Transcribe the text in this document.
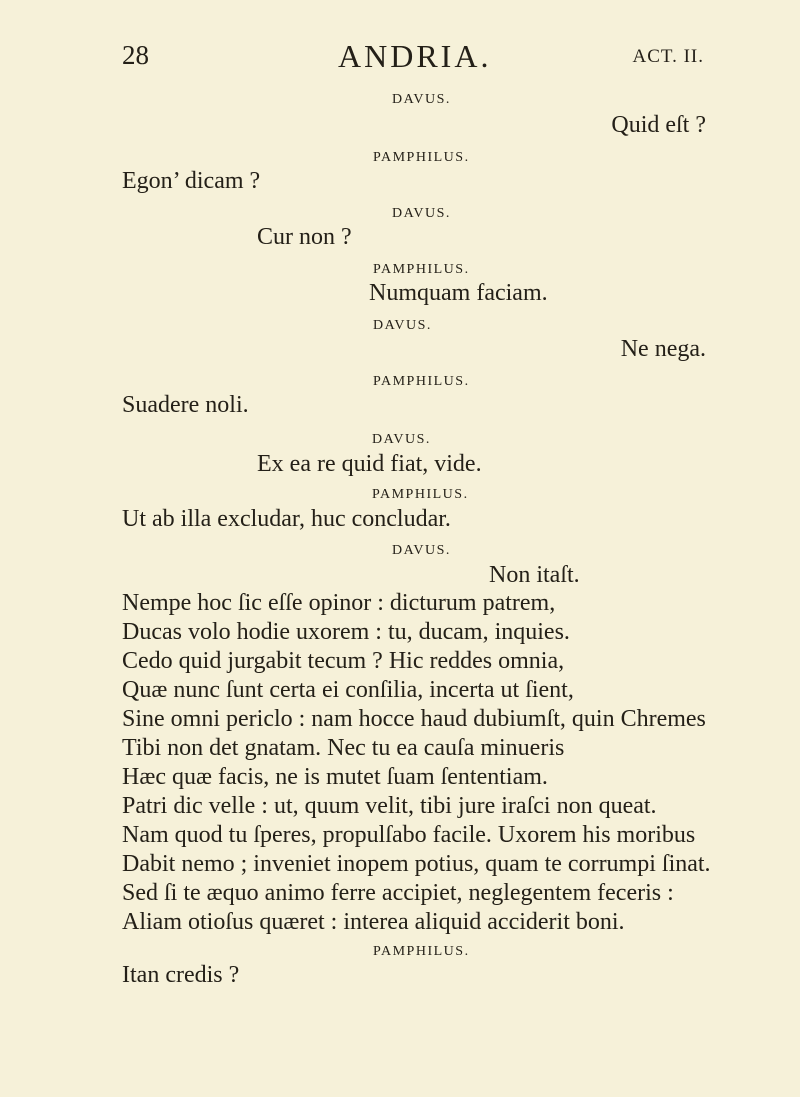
28	ANDRIA.	ACT. II.
DAVUS.
Quid eſt ?
PAMPHILUS.
Egon’ dicam ?
DAVUS.
Cur non ?
PAMPHILUS.
Numquam faciam.
DAVUS.
Ne nega.
PAMPHILUS.
Suadere noli.
DAVUS.
Ex ea re quid fiat, vide.
PAMPHILUS.
Ut ab illa excludar, huc concludar.
DAVUS.
Non itaſt.
Nempe hoc ſic eſſe opinor : dicturum patrem,
Ducas volo hodie uxorem : tu, ducam, inquies.
Cedo quid jurgabit tecum ? Hic reddes omnia,
Quæ nunc ſunt certa ei conſilia, incerta ut ſient,
Sine omni periclo : nam hocce haud dubiumſt, quin Chremes
Tibi non det gnatam. Nec tu ea cauſa minueris
Hæc quæ facis, ne is mutet ſuam ſententiam.
Patri dic velle : ut, quum velit, tibi jure iraſci non queat.
Nam quod tu ſperes, propulſabo facile. Uxorem his moribus
Dabit nemo ; inveniet inopem potius, quam te corrumpi ſinat.
Sed ſi te æquo animo ferre accipiet, neglegentem feceris :
Aliam otioſus quæret : interea aliquid acciderit boni.
PAMPHILUS.
Itan credis ?
